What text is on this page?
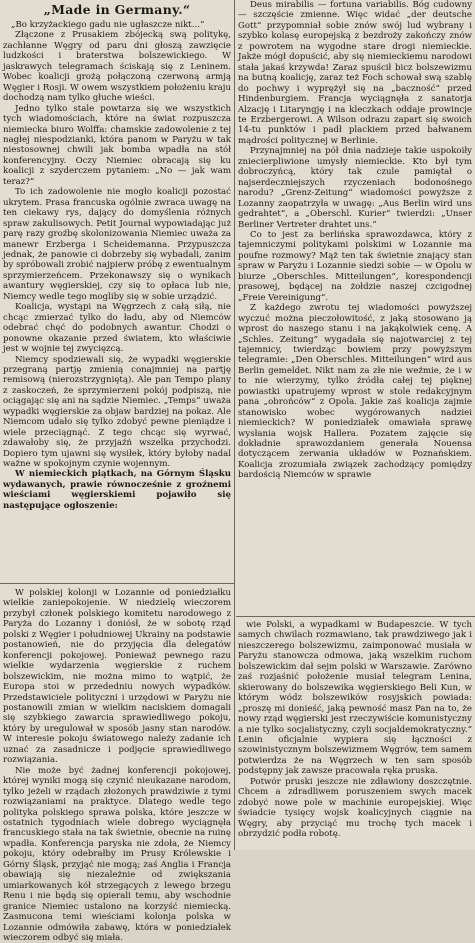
„Made in Germany.“

„Bo krzyżackiego gadu nie ugłaszcze nikt...“

Złączone z Prusakiem zbójecką swą politykę, zachłanne Węgry od paru dni głoszą zawzięcie ludzkości i braterstwa bolszewickiego. W jaskrawych telegramach ściskają się z Leninem. Wobec koalicji grożą połączoną czerwoną armją Węgier i Rosji. W owem wszystkiem położeniu kraju dochodzą nam tylko głuche wieści.

Jedno tylko stale powtarza się we wszystkich tych wiadomościach, które na świat rozpuszcza niemiecka biuro Wolffa: chamskie zadowolenie z tej nagłej niespodzianki, która panom w Paryżu w tak niestosownej chwili jak bomba wpadła na stół konferencyjny. Oczy Niemiec obracają się ku koalicji z szyderczem pytaniem: „No — jak wam teraz?“

To ich zadowolenie nie mogło koalicji pozostać ukrytem. Prasa francuska ogólnie zwraca uwagę na ten ciekawy rys, dający do domyślenia różnych spraw zakulisowych. Petit Journal wypowiadając już parę razy groźbę skolonizowania Niemiec uważa za manewr Erzberga i Scheidemanna. Przypuszcza jednak, że panowie ci dobrzeby się wybadali, zanim by spróbowali zrobić najpierw próbę z ewentualnym sprzymierzeńcem. Przekonawszy się o wynikach awantury węgierskiej, czy się to opłaca lub nie, Niemcy wedle tego mogliby się w sobie urządzić.

Koalicja, wystąpi na Węgrzech z całą siłą, nie chcąc zmierzać tylko do ładu, aby od Niemców odebrać chęć do podobnych awantur. Chodzi o ponowne okazanie przed światem, kto właściwie jest w wojnie tej zwycięzcą.

Niemcy spodziewali się, że wypadki węgierskie przegraną partję zmienią conajmniej na partję remisową (nierozstrzygniętą). Ale pan Tempo plany z zaskoczeń, że sprzymierzeni pokój podpiszą, nie ociągając się ani na sądzie Niemiec. „Temps“ uważa wypadki węgierskie za objaw bardziej na pokaz. Ale Niemcom udało się tylko zdobyć pewne pieniądze i wiele przeciągnąć. Z tego chcąc się wyrwać, zdawałoby się, że przyjaźń wszelka przychodzi. Dopiero tym ujawni się wysiłek, który byłoby nadal ważne w spokojnym czynie wojennym.

W niemieckich piątkach, na Górnym Śląsku wydawanych, prawie równocześnie z groźnemi wieściami węgierskiemi pojawiło się następujące ogłoszenie:

W polskiej kolonji w Lozannie od poniedziałku wielkie zaniepokojenie. W niedzielę wieczorem przybył członek polskiego komitetu narodowego z Paryża do Lozanny i doniósł, że w sobotę rząd polski z Węgier i południowej Ukrainy na podstawie postanowień, nie do przyjęcia dla delegatów konferencji pokojowej. Ponieważ pewnego razu wielkie wydarzenia węgierskie z ruchem bolszewickim, nie można mimo to wątpić, że Europa stoi w przededniu nowych wypadków. Przedstawiciele polityczni i urzędowi w Paryżu nie postanowili zmian w wielkim naciskiem domagali się szybkiego zawarcia sprawiedliwego pokoju, który by uregulował w sposób jasny stan narodów. W interesie pokoju światowego należy zadanie ich uznać za zasadnicze i podjęcie sprawiedliwego rozwiązania.

Nie może być żadnej konferencji pokojowej, której wyniki mogą się czynić nieukazane narodom, tylko jeżeli w rządach złożonych prawdziwie z tymi rozwiązaniami na praktyce. Dlatego wedle tego polityka polskiego sprawa polska, które jeszcze w ostatnich tygodniach wiele dobrego wyciągnęła francuskiego stała na tak świetnie, obecnie na ruinę wpadła. Konferencja paryska nie zdoła, że Niemcy pokoju, który odebrałby im Prusy Królewskie i Górny Śląsk, przyjąć nie mogą; zaś Anglia i Francja obawiają się niezależnie od zwiększania umiarkowanych kół strzegących z lewego brzegu Renu i nie będą się opierali temu, aby wschodnie granice Niemiec ustalono na korzyść niemiecką. Zasmucona temi wieściami kolonja polska w Lozannie odmówiła zabawę, która w poniedziałek wieczorem odbyć się miała.

Deus mirabilis — fortuna variabilis. Bóg cudowny — szczęście zmienne. Więc widać „der deutsche Gott“ przypomniał sobie znów swój lud wybrany i szybko kolasę europejską z bezdroży zakończy znów z powrotem na wygodne stare drogi niemieckie. Jakże mógł dopuścić, aby się niemieckiemu narodowi stała jakaś krzywda! Zaraz spuścił bicz bolszewizmu na butną koalicję, zaraz też Foch schował swą szablę do pochwy i wyprężył się na „baczność“ przed Hindenburgiem. Francja wyciągnęła z sanatorja Alzację i Litaryngję i na kleczkach oddaje prowincje te Erzbergerowi. A Wilson odrazu zapart się swoich 14-tu punktów i padł plackiem przed bałwanem mądrości politycznej w Berlinie.

Przynajmniej na pół dnia nadzieje takie uspokoiły zniecierpliwione umysły niemieckie. Kto był tym dobroczyńcą, który tak czule pamiętał o najserdeczniejszych rzyczeniach bodonośnego narodu? „Grenz-Zeitung“ wiadomości powyższe z Lozanny zaopatrzyła w uwagę: „Aus Berlin wird uns gedrahtet“, a „Oberschl. Kurier“ twierdzi: „Unser Berliner Vertreter drahtet uns.“

Co to jest za berlińska sprawozdawca, który z tajemniczymi politykami polskimi w Lozannie ma poufne rozmowy? Mąż ten tak świetnie znający stan spraw w Paryżu i Lozannie siedzi sobie — w Opolu w biurze „Oberschles. Mitteilungen“, korespondencji prasowej, będącej na żołdzie naszej czcigodnej „Freie Vereinigung“.

Z każdego zwrotu tej wiadomości powyższej wyczuć można pieczołowitość, z jaką stosowano ją wprost do naszego stanu i na jakąkolwiek cenę. A „Schles. Zeitung“ wygadała się najotwarciej z tej tajemnicy, twierdząc bowiem przy powyższym telegramie: „Den Oberschles. Mitteilungen“ wird aus Berlin gemeldet. Nikt nam za złe nie weźmie, że i w to nie wierzymy, tylko źródła całej tej pięknej powiastki upatrujemy wprost w stole redakcyjnym pana „obrońców“ z Opola. Jakie zaś koalicja zajmie stanowisko wobec wygórowanych nadziei niemieckich? W poniedziałek omawiała sprawę wysłania wojsk Hallera. Pozatem zajęcie się dokładnie sprawozdaniem generała Nouensa dotyczącem zerwania układów w Poznańskiem. Koalicja zrozumiała związek zachodzący pomiędzy bardością Niemców w sprawie

wie Polski, a wypadkami w Budapeszcie. W tych samych chwilach rozmawiano, tak prawdziwego jak i nieszczerego bolszewizmu, zaimponować musiała w Paryżu stanowcza odmowa, jaką wszelkim ruchom bolszewickim dał sejm polski w Warszawie. Zarówno zaś rozjaśnić położenie musiał telegram Lenina, skierowany do bolszewika węgierskiego Beli Kun, w którym wódz bolszewików rosyjskich powiada: „proszę mi donieść, jaką pewność masz Pan na to, że nowy rząd węgierski jest rzeczywiście komunistyczny a nie tylko socjalistyczny, czyli socjaldemokratyczny.“ Lenin oficjalnie wypiera się łączności z szowinistycznym bolszewizmem Węgrów, tem samem potwierdza że na Węgrzech w ten sam sposób podstępny jak zawsze pracowała ręka pruska.

Potwór pruski jeszcze nie zdławiony doszczętnie. Chcem a zdradliwem poruszeniem swych macek zdobyć nowe pole w machinie europejskiej. Więc świadcie tysięcy wojsk koalicyjnych ciągnie na Węgry, aby przyciąć mu trochę tych macek i obrzydzić podła robotę.
